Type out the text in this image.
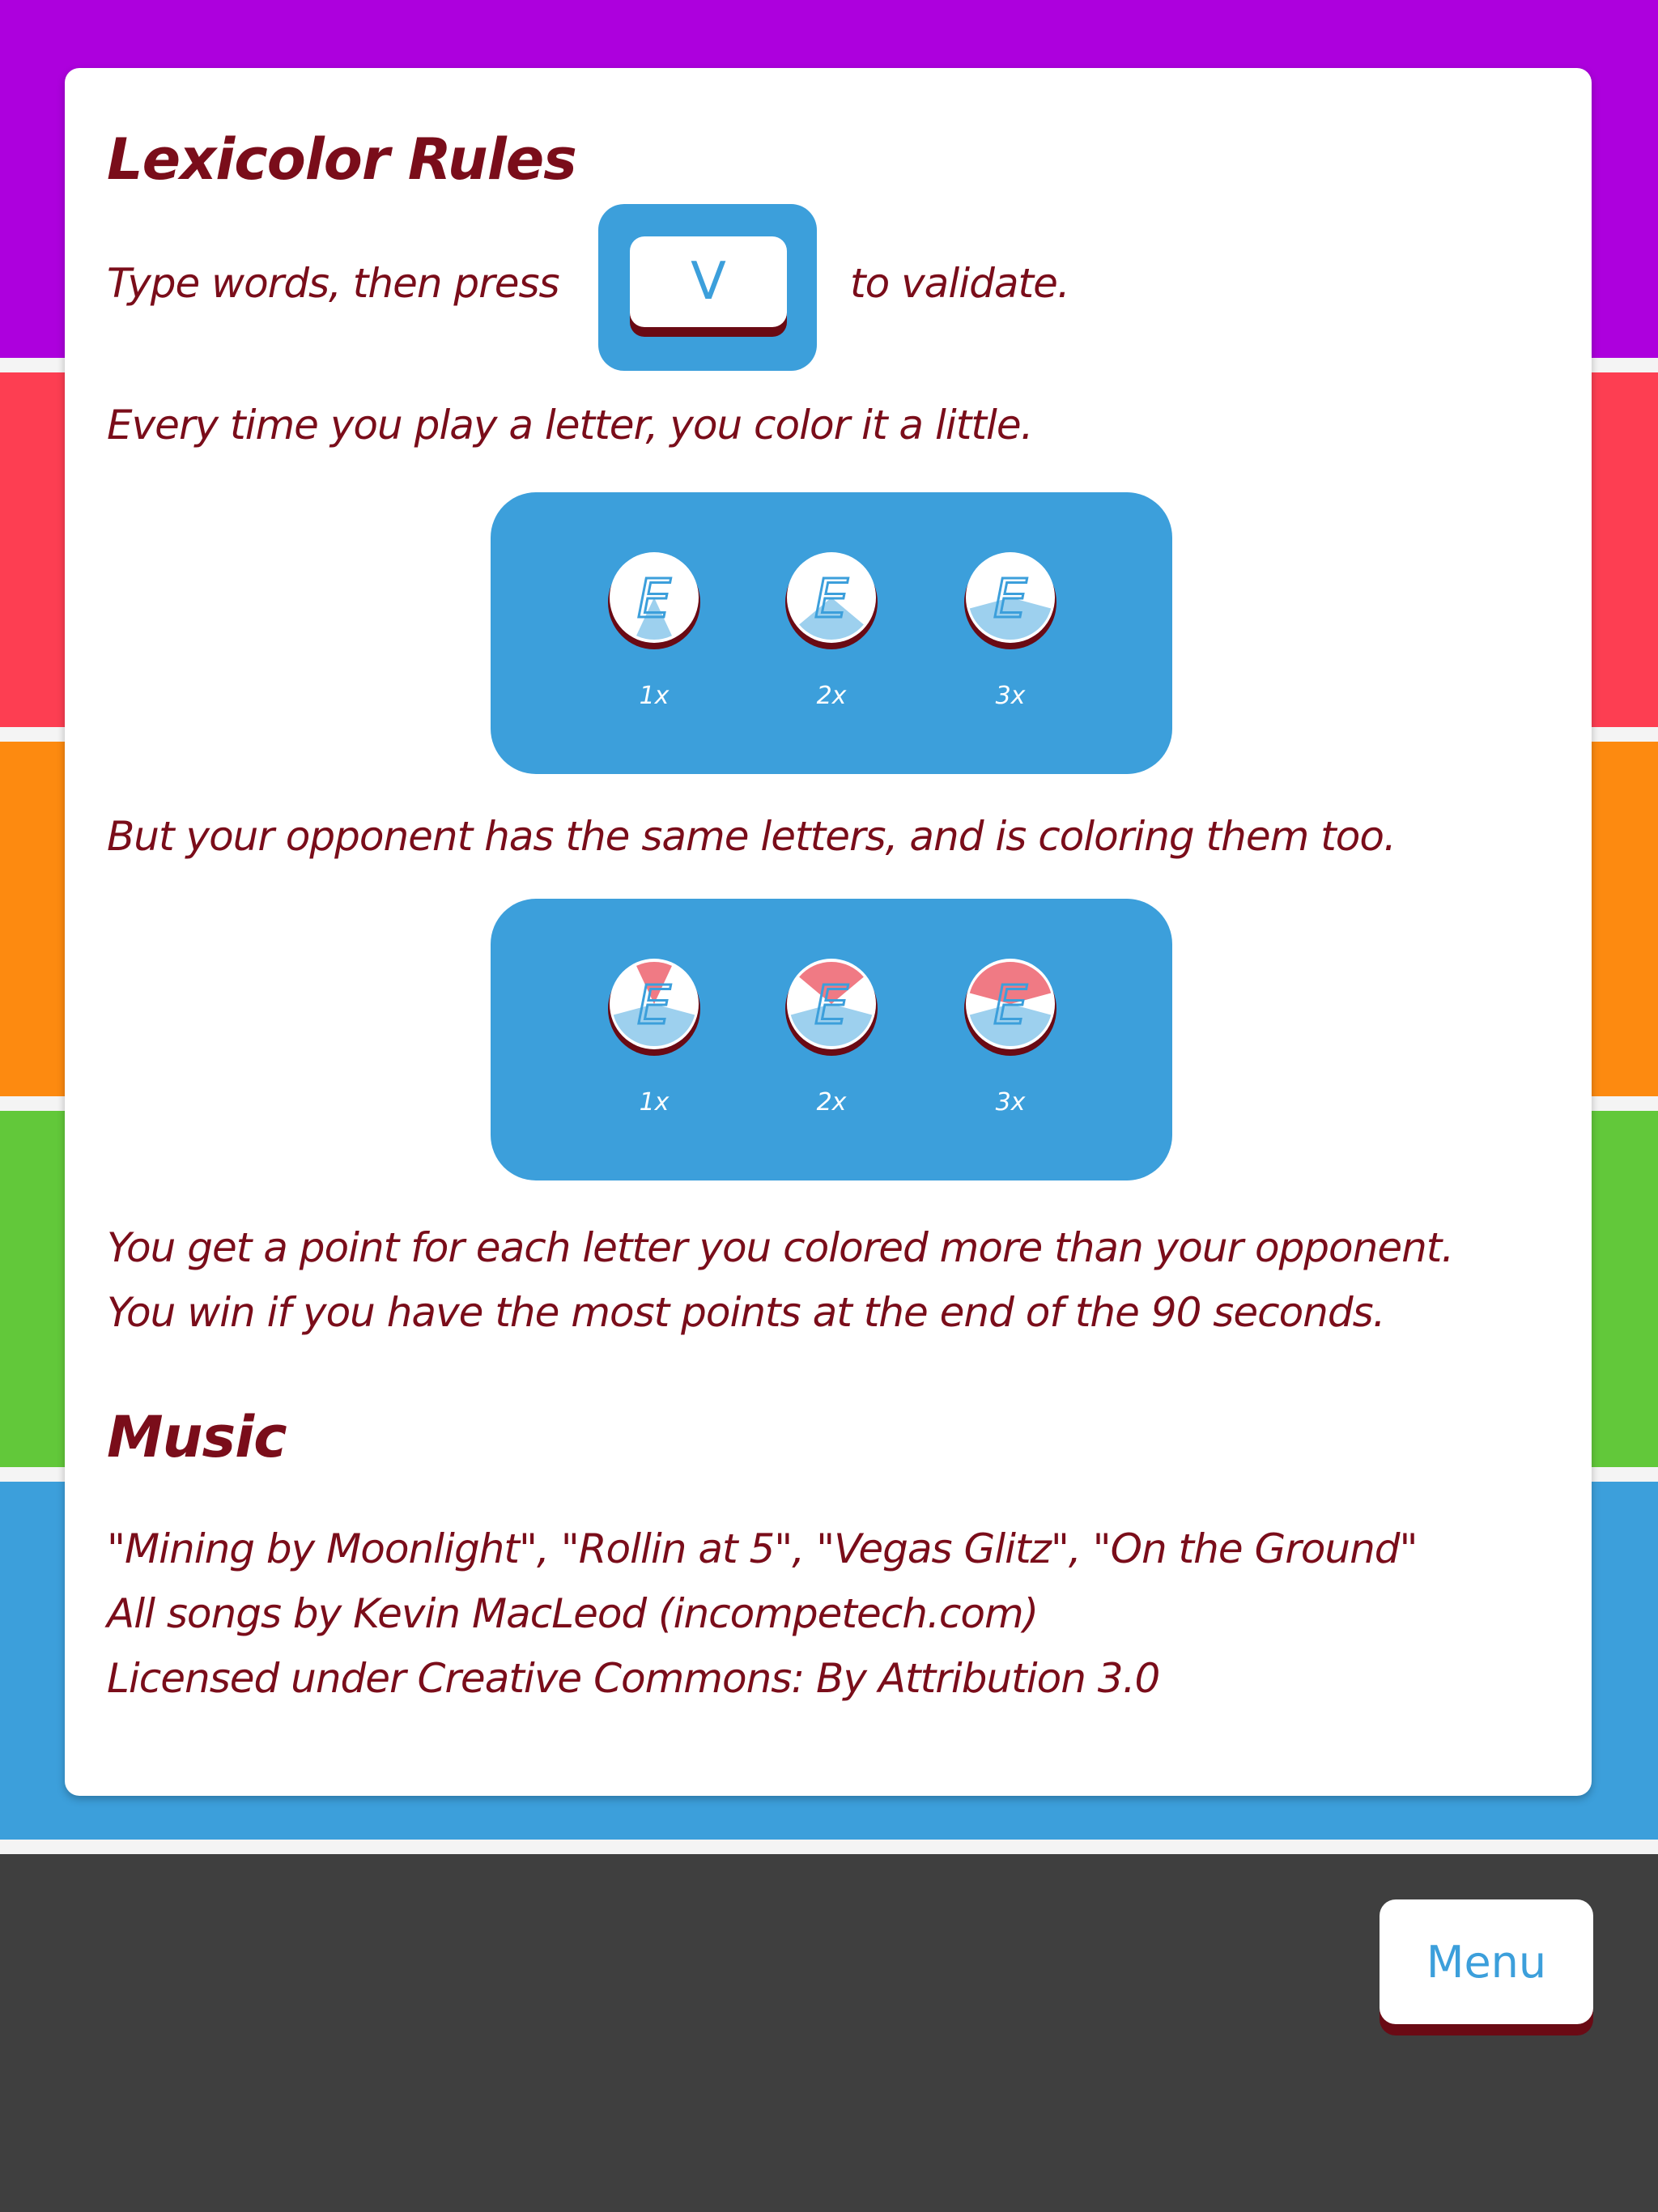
Lexicolor Rules
Type words, then press	V	to validate.
Every time you play a letter, you color it a little.
But your opponent has the same letters, and is coloring them too.
You get a point for each letter you colored more than your opponent.
You win if you have the most points at the end of the 90 seconds.
Music
"Mining by Moonlight", "Rollin at 5", "Vegas Glitz", "On the Ground"
All songs by Kevin MacLeod (incompetech.com)
Licensed under Creative Commons: By Attribution 3.0
E
1x
E
2x
E
3x
E
1x
E
2x
E
3x
Menu
